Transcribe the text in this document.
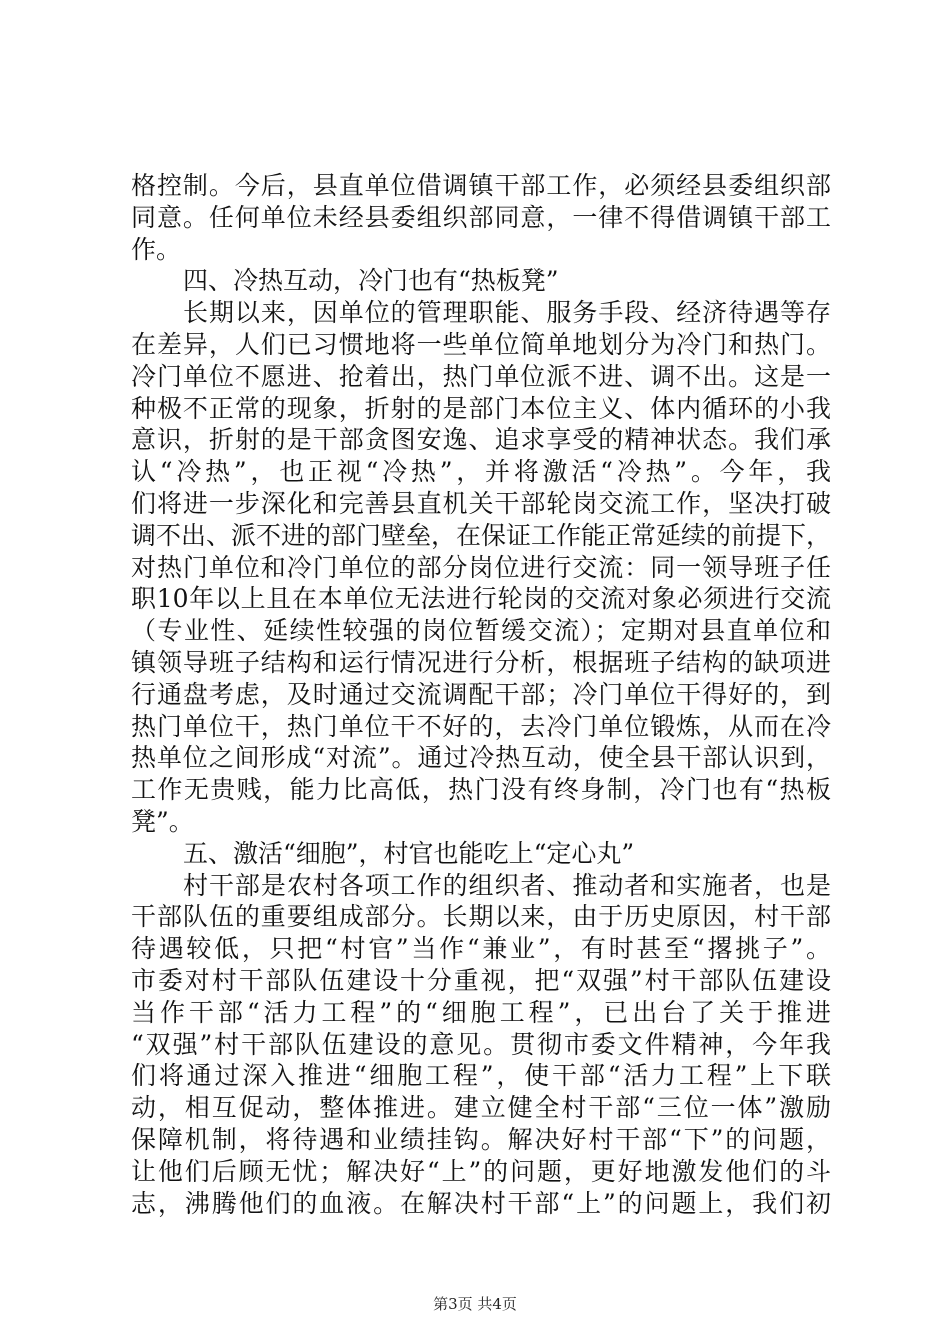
格控制。今后，县直单位借调镇干部工作，必须经县委组织部
同意。任何单位未经县委组织部同意，一律不得借调镇干部工
作。
四、冷热互动，冷门也有“热板凳”
长期以来，因单位的管理职能、服务手段、经济待遇等存
在差异，人们已习惯地将一些单位简单地划分为冷门和热门。
冷门单位不愿进、抢着出，热门单位派不进、调不出。这是一
种极不正常的现象，折射的是部门本位主义、体内循环的小我
意识，折射的是干部贪图安逸、追求享受的精神状态。我们承
认“冷热”，也正视“冷热”，并将激活“冷热”。今年，我
们将进一步深化和完善县直机关干部轮岗交流工作，坚决打破
调不出、派不进的部门壁垒，在保证工作能正常延续的前提下，
对热门单位和冷门单位的部分岗位进行交流：同一领导班子任
职10年以上且在本单位无法进行轮岗的交流对象必须进行交流
（专业性、延续性较强的岗位暂缓交流）；定期对县直单位和
镇领导班子结构和运行情况进行分析，根据班子结构的缺项进
行通盘考虑，及时通过交流调配干部；冷门单位干得好的，到
热门单位干，热门单位干不好的，去冷门单位锻炼，从而在冷
热单位之间形成“对流”。通过冷热互动，使全县干部认识到，
工作无贵贱，能力比高低，热门没有终身制，冷门也有“热板
凳”。
五、激活“细胞”，村官也能吃上“定心丸”
村干部是农村各项工作的组织者、推动者和实施者，也是
干部队伍的重要组成部分。长期以来，由于历史原因，村干部
待遇较低，只把“村官”当作“兼业”，有时甚至“撂挑子”。
市委对村干部队伍建设十分重视，把“双强”村干部队伍建设
当作干部“活力工程”的“细胞工程”，已出台了关于推进
“双强”村干部队伍建设的意见。贯彻市委文件精神，今年我
们将通过深入推进“细胞工程”，使干部“活力工程”上下联
动，相互促动，整体推进。建立健全村干部“三位一体”激励
保障机制，将待遇和业绩挂钩。解决好村干部“下”的问题，
让他们后顾无忧；解决好“上”的问题，更好地激发他们的斗
志，沸腾他们的血液。在解决村干部“上”的问题上，我们初
第3页 共4页
